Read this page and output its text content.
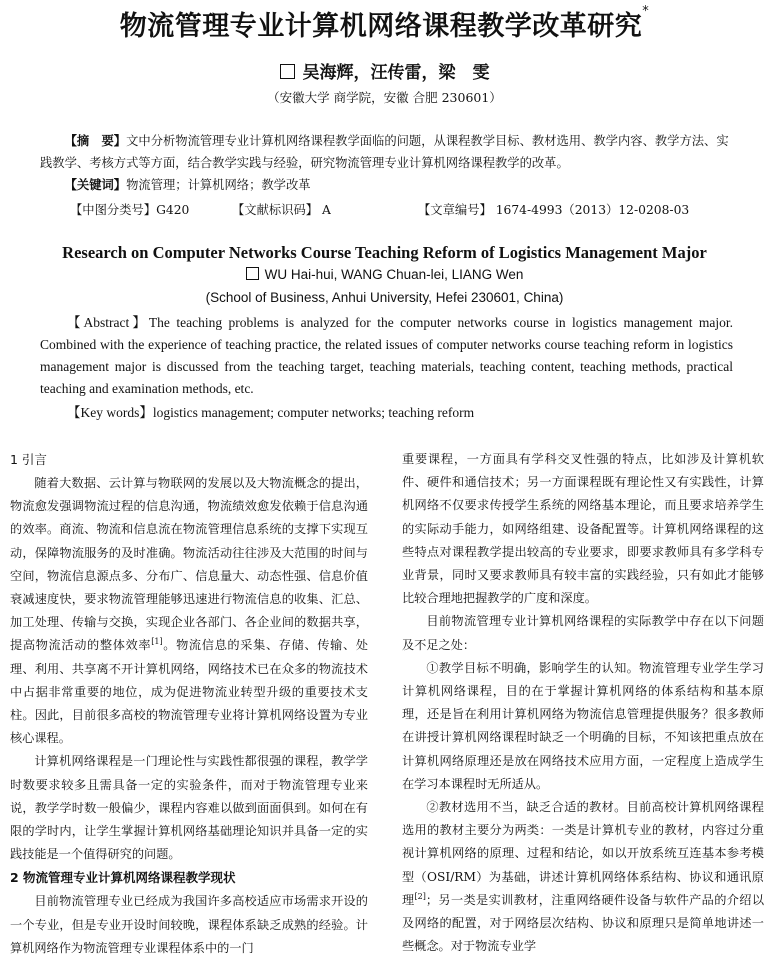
物流管理专业计算机网络课程教学改革研究*
吴海辉，汪传雷，梁　雯
（安徽大学 商学院，安徽 合肥 230601）

【摘　要】文中分析物流管理专业计算机网络课程教学面临的问题，从课程教学目标、教材选用、教学内容、教学方法、实践教学、考核方式等方面，结合教学实践与经验，研究物流管理专业计算机网络课程教学的改革。

【关键词】物流管理；计算机网络；教学改革

【中图分类号】G420	【文献标识码】 A	【文章编号】 1674-4993（2013）12-0208-03
Research on Computer Networks Course Teaching Reform of Logistics Management Major
WU Hai-hui, WANG Chuan-lei, LIANG Wen
(School of Business, Anhui University, Hefei 230601, China)
【Abstract】The teaching problems is analyzed for the computer networks course in logistics management major. Combined with the experience of teaching practice, the related issues of computer networks course teaching reform in logistics management major is discussed from the teaching target, teaching materials, teaching content, teaching methods, practical teaching and examination methods, etc.
【Key words】logistics management; computer networks; teaching reform
1 引言

随着大数据、云计算与物联网的发展以及大物流概念的提出，物流愈发强调物流过程的信息沟通，物流绩效愈发依赖于信息沟通的效率。商流、物流和信息流在物流管理信息系统的支撑下实现互动，保障物流服务的及时准确。物流活动往往涉及大范围的时间与空间，物流信息源点多、分布广、信息量大、动态性强、信息价值衰减速度快，要求物流管理能够迅速进行物流信息的收集、汇总、加工处理、传输与交换，实现企业各部门、各企业间的数据共享，提高物流活动的整体效率[1]。物流信息的采集、存储、传输、处理、利用、共享离不开计算机网络，网络技术已在众多的物流技术中占据非常重要的地位，成为促进物流业转型升级的重要技术支柱。因此，目前很多高校的物流管理专业将计算机网络设置为专业核心课程。

计算机网络课程是一门理论性与实践性都很强的课程，教学学时数要求较多且需具备一定的实验条件，而对于物流管理专业来说，教学学时数一般偏少，课程内容难以做到面面俱到。如何在有限的学时内，让学生掌握计算机网络基础理论知识并具备一定的实践技能是一个值得研究的问题。

2 物流管理专业计算机网络课程教学现状

目前物流管理专业已经成为我国许多高校适应市场需求开设的一个专业，但是专业开设时间较晚，课程体系缺乏成熟的经验。计算机网络作为物流管理专业课程体系中的一门

重要课程，一方面具有学科交叉性强的特点，比如涉及计算机软件、硬件和通信技术；另一方面课程既有理论性又有实践性，计算机网络不仅要求传授学生系统的网络基本理论，而且要求培养学生的实际动手能力，如网络组建、设备配置等。计算机网络课程的这些特点对课程教学提出较高的专业要求，即要求教师具有多学科专业背景，同时又要求教师具有较丰富的实践经验，只有如此才能够比较合理地把握教学的广度和深度。

目前物流管理专业计算机网络课程的实际教学中存在以下问题及不足之处：

①教学目标不明确，影响学生的认知。物流管理专业学生学习计算机网络课程，目的在于掌握计算机网络的体系结构和基本原理，还是旨在利用计算机网络为物流信息管理提供服务？很多教师在讲授计算机网络课程时缺乏一个明确的目标，不知该把重点放在计算机网络原理还是放在网络技术应用方面，一定程度上造成学生在学习本课程时无所适从。

②教材选用不当，缺乏合适的教材。目前高校计算机网络课程选用的教材主要分为两类：一类是计算机专业的教材，内容过分重视计算机网络的原理、过程和结论，如以开放系统互连基本参考模型（OSI/RM）为基础，讲述计算机网络体系结构、协议和通讯原理[2]；另一类是实训教材，注重网络硬件设备与软件产品的介绍以及网络的配置，对于网络层次结构、协议和原理只是简单地讲述一些概念。对于物流专业学
